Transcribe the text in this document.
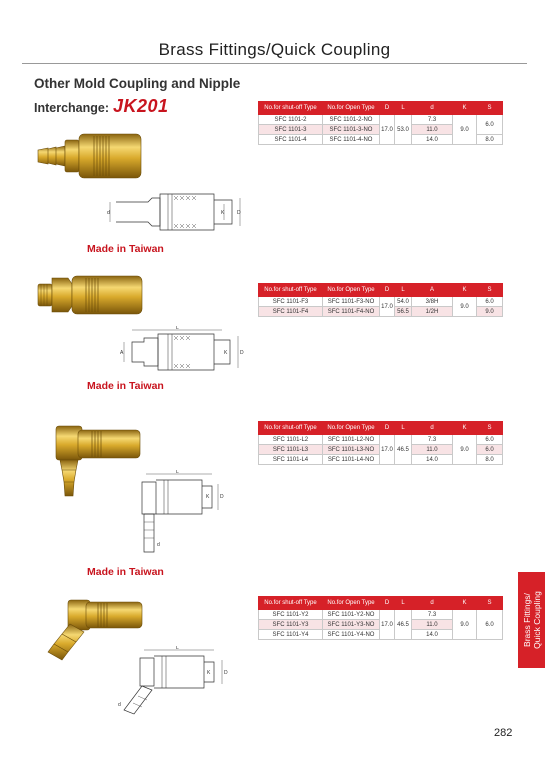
Brass Fittings/Quick Coupling
Other Mold Coupling and Nipple
Interchange: JK201	No.for shut-off Type	No.for Open Type	D	L	d	K	S
SFC 1101-2	SFC 1101-2-NO	17.0	53.0	7.3	9.0	6.0
SFC 1101-3	SFC 1101-3-NO			11.0		
SFC 1101-4	SFC 1101-4-NO			14.0		8.0
d	K	D
Made in Taiwan
No.for shut-off Type	No.for Open Type	D	L	A	K	S
SFC 1101-F3	SFC 1101-F3-NO	17.0	54.0	3/8H	9.0	6.0
SFC 1101-F4	SFC 1101-F4-NO		56.5	1/2H		9.0
L
A	K	D
Made in Taiwan
No.for shut-off Type	No.for Open Type	D	L	d	K	S
SFC 1101-L2	SFC 1101-L2-NO	17.0	46.5	7.3	9.0	6.0
SFC 1101-L3	SFC 1101-L3-NO			11.0		6.0
SFC 1101-L4	SFC 1101-L4-NO			14.0		8.0
L
K D
d
Made in Taiwan
No.for shut-off Type	No.for Open Type	D	L	d	K	S
SFC 1101-Y2	SFC 1101-Y2-NO	17.0	46.5	7.3	9.0	6.0
SFC 1101-Y3	SFC 1101-Y3-NO			11.0		
SFC 1101-Y4	SFC 1101-Y4-NO			14.0		
L
K	D
d
Brass Fittings/ Quick Coupling
282
